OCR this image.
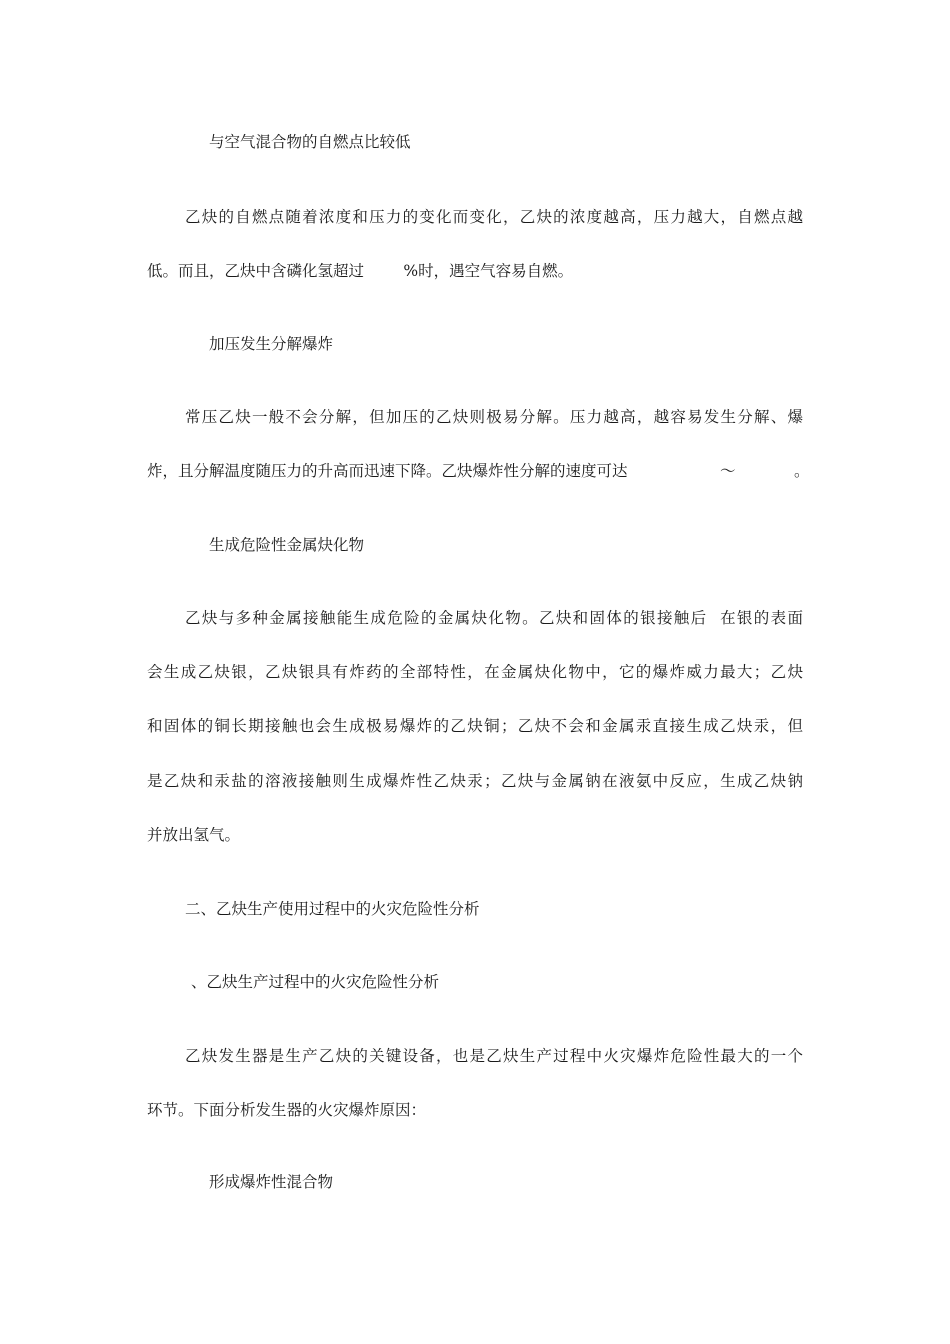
与空气混合物的自燃点比较低
乙炔的自燃点随着浓度和压力的变化而变化，乙炔的浓度越高，压力越大，自燃点越
低。而且，乙炔中含磷化氢超过        %时，遇空气容易自燃。
加压发生分解爆炸
常压乙炔一般不会分解，但加压的乙炔则极易分解。压力越高，越容易发生分解、爆
炸，且分解温度随压力的升高而迅速下降。乙炔爆炸性分解的速度可达	～	。
生成危险性金属炔化物
乙炔与多种金属接触能生成危险的金属炔化物。乙炔和固体的银接触后  在银的表面
会生成乙炔银，乙炔银具有炸药的全部特性，在金属炔化物中，它的爆炸威力最大；乙炔
和固体的铜长期接触也会生成极易爆炸的乙炔铜；乙炔不会和金属汞直接生成乙炔汞，但
是乙炔和汞盐的溶液接触则生成爆炸性乙炔汞；乙炔与金属钠在液氨中反应，生成乙炔钠
并放出氢气。
二、乙炔生产使用过程中的火灾危险性分析
、乙炔生产过程中的火灾危险性分析
乙炔发生器是生产乙炔的关键设备，也是乙炔生产过程中火灾爆炸危险性最大的一个
环节。下面分析发生器的火灾爆炸原因：
形成爆炸性混合物
